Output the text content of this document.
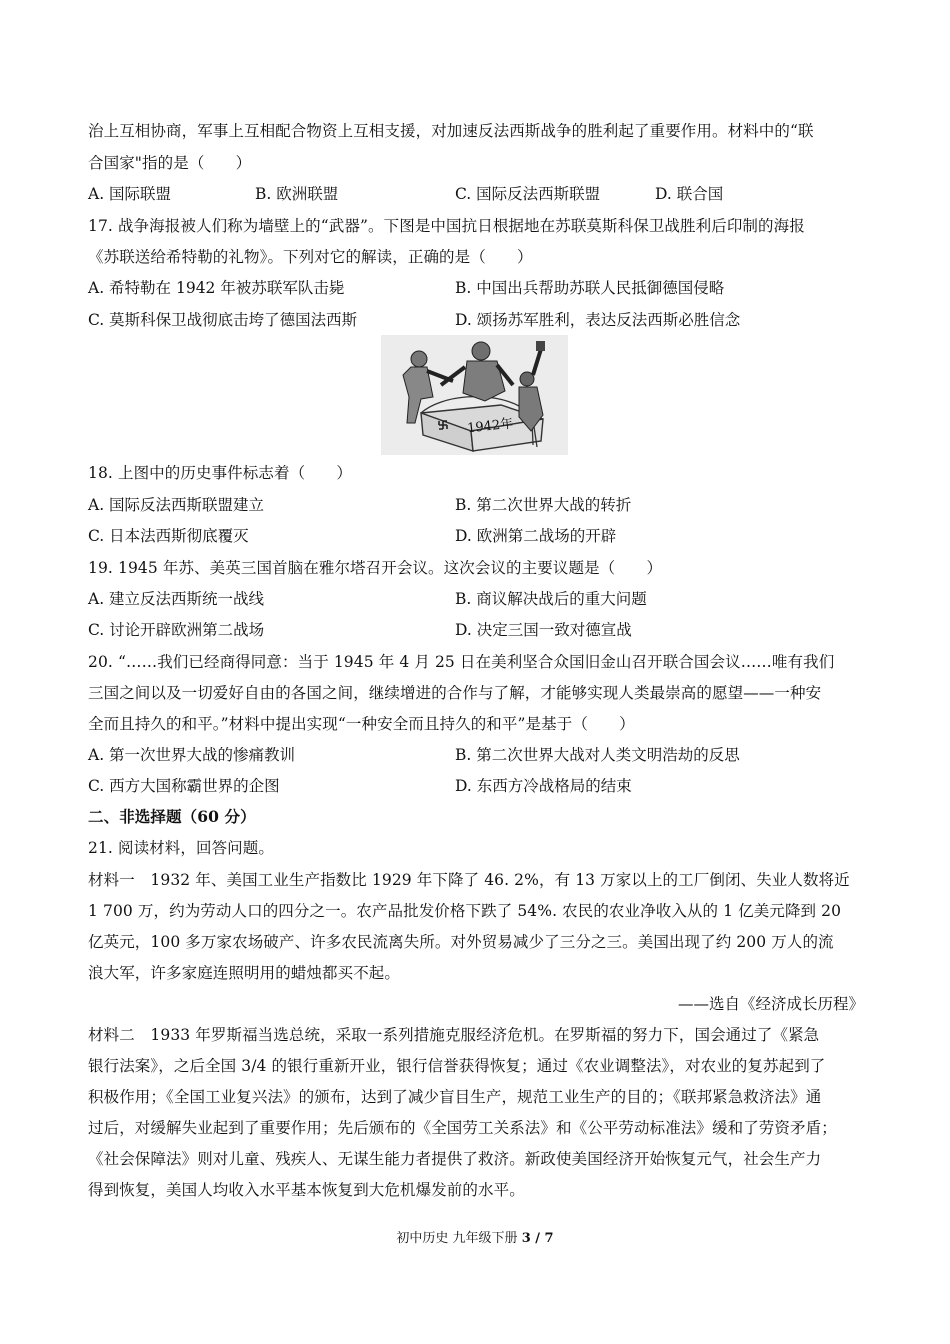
治上互相协商，军事上互相配合物资上互相支援，对加速反法西斯战争的胜利起了重要作用。材料中的“联
合国家"指的是（　　）
A. 国际联盟	B. 欧洲联盟	C. 国际反法西斯联盟	D. 联合国
17. 战争海报被人们称为墙壁上的“武器”。下图是中国抗日根据地在苏联莫斯科保卫战胜利后印制的海报
《苏联送给希特勒的礼物》。下列对它的解读，正确的是（　　）
A. 希特勒在 1942 年被苏联军队击毙	B. 中国出兵帮助苏联人民抵御德国侵略
C. 莫斯科保卫战彻底击垮了德国法西斯	D. 颂扬苏军胜利，表达反法西斯必胜信念
1942年
18. 上图中的历史事件标志着（　　）
A. 国际反法西斯联盟建立	B. 第二次世界大战的转折
C. 日本法西斯彻底覆灭	D. 欧洲第二战场的开辟
19. 1945 年苏、美英三国首脑在雅尔塔召开会议。这次会议的主要议题是（　　）
A. 建立反法西斯统一战线	B. 商议解决战后的重大问题
C. 讨论开辟欧洲第二战场	D. 决定三国一致对德宣战
20. “……我们已经商得同意：当于 1945 年 4 月 25 日在美利坚合众国旧金山召开联合国会议……唯有我们
三国之间以及一切爱好自由的各国之间，继续增进的合作与了解，才能够实现人类最崇高的愿望——一种安
全而且持久的和平。”材料中提出实现“一种安全而且持久的和平”是基于（　　）
A. 第一次世界大战的惨痛教训	B. 第二次世界大战对人类文明浩劫的反思
C. 西方大国称霸世界的企图	D. 东西方冷战格局的结束
二、非选择题（60 分）
21. 阅读材料，回答问题。
材料一　1932 年、美国工业生产指数比 1929 年下降了 46. 2%，有 13 万家以上的工厂倒闭、失业人数将近
1 700 万，约为劳动人口的四分之一。农产品批发价格下跌了 54%. 农民的农业净收入从的 1 亿美元降到 20
亿英元，100 多万家农场破产、许多农民流离失所。对外贸易减少了三分之三。美国出现了约 200 万人的流
浪大军，许多家庭连照明用的蜡烛都买不起。
——选自《经济成长历程》
材料二　1933 年罗斯福当选总统，采取一系列措施克服经济危机。在罗斯福的努力下，国会通过了《紧急
银行法案》，之后全国 3/4 的银行重新开业，银行信誉获得恢复；通过《农业调整法》，对农业的复苏起到了
积极作用；《全国工业复兴法》的颁布，达到了减少盲目生产，规范工业生产的目的；《联邦紧急救济法》通
过后，对缓解失业起到了重要作用；先后颁布的《全国劳工关系法》和《公平劳动标准法》缓和了劳资矛盾；
《社会保障法》则对儿童、残疾人、无谋生能力者提供了救济。新政使美国经济开始恢复元气，社会生产力
得到恢复，美国人均收入水平基本恢复到大危机爆发前的水平。
初中历史 九年级下册 3 / 7
